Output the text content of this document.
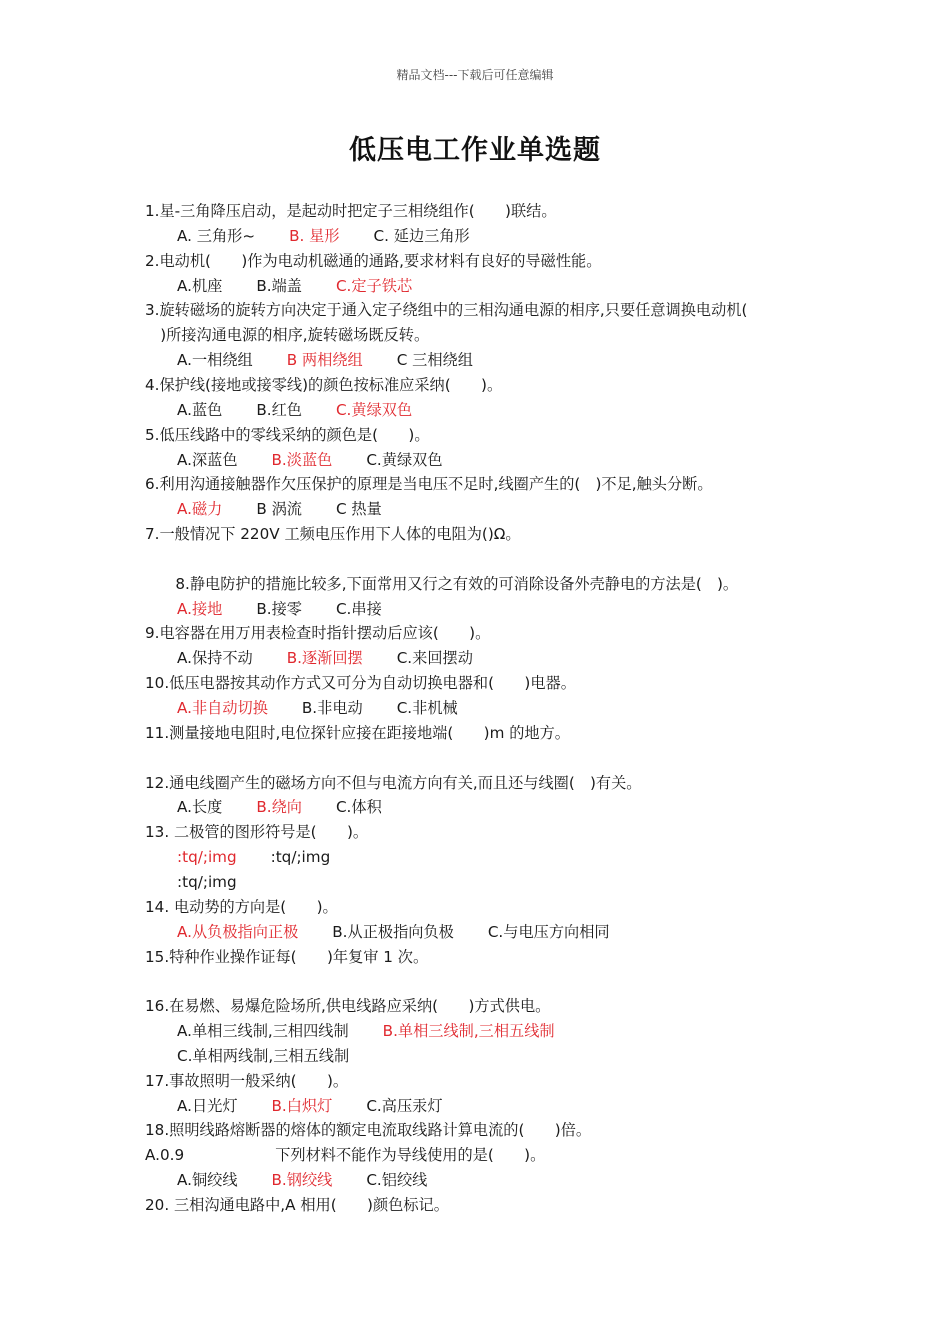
精品文档---下载后可任意编辑
低压电工作业单选题
1.星-三角降压启动，是起动时把定子三相绕组作(　　)联结。
A. 三角形~ B. 星形 C. 延边三角形
2.电动机(　　)作为电动机磁通的通路,要求材料有良好的导磁性能。
A.机座 B.端盖 C.定子铁芯
3.旋转磁场的旋转方向决定于通入定子绕组中的三相沟通电源的相序,只要任意调换电动机(
　)所接沟通电源的相序,旋转磁场既反转。
A.一相绕组 B 两相绕组 C 三相绕组
4.保护线(接地或接零线)的颜色按标准应采纳(　　)。
A.蓝色 B.红色 C.黄绿双色
5.低压线路中的零线采纳的颜色是(　　)。
A.深蓝色 B.淡蓝色 C.黄绿双色
6.利用沟通接触器作欠压保护的原理是当电压不足时,线圈产生的(　)不足,触头分断。
A.磁力 B 涡流 C 热量
7.一般情况下 220V 工频电压作用下人体的电阻为()Ω。
　　8.静电防护的措施比较多,下面常用又行之有效的可消除设备外壳静电的方法是(　)。
A.接地 B.接零 C.串接
9.电容器在用万用表检查时指针摆动后应该(　　)。
A.保持不动 B.逐渐回摆 C.来回摆动
10.低压电器按其动作方式又可分为自动切换电器和(　　)电器。
A.非自动切换 B.非电动 C.非机械
11.测量接地电阻时,电位探针应接在距接地端(　　)m 的地方。
12.通电线圈产生的磁场方向不但与电流方向有关,而且还与线圈(　)有关。
A.长度 B.绕向 C.体积
13. 二极管的图形符号是(　　)。
:tq/;img :tq/;img
:tq/;img
14. 电动势的方向是(　　)。
A.从负极指向正极 B.从正极指向负极 C.与电压方向相同
15.特种作业操作证每(　　)年复审 1 次。
16.在易燃、易爆危险场所,供电线路应采纳(　　)方式供电。
A.单相三线制,三相四线制 B.单相三线制,三相五线制
C.单相两线制,三相五线制
17.事故照明一般采纳(　　)。
A.日光灯 B.白炽灯 C.高压汞灯
18.照明线路熔断器的熔体的额定电流取线路计算电流的(　　)倍。
A.0.9　　　　　　下列材料不能作为导线使用的是(　　)。
A.铜绞线 B.钢绞线 C.铝绞线
20. 三相沟通电路中,A 相用(　　)颜色标记。
